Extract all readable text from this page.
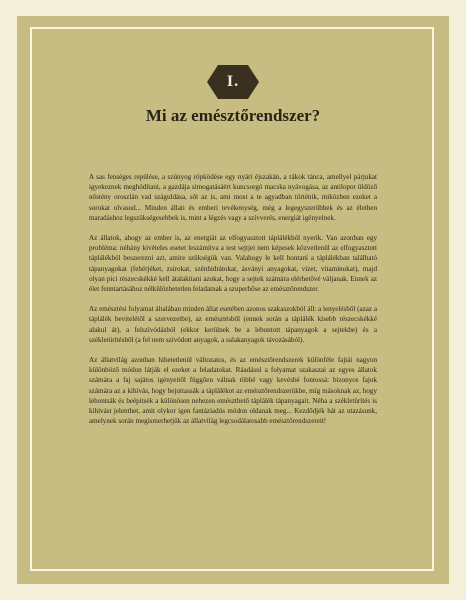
I.
Mi az emésztőrendszer?

A sas fenséges repülése, a szúnyog röpködése egy nyári éjszakán, a rákok tánca, amellyel párjukat igyekeznek meghódítani, a gazdája simogatásáért kuncsorgó macska nyávogása, az antilopot üldöző nőstény oroszlán vad száguldása, sőt az is, ami most a te agyadban történik, miközben ezeket a sorokat olvasod... Minden állati és emberi tevékenység, még a legegyszerűbbek és az életben maradáshoz legszükségesebbek is, mint a légzés vagy a szívverés, energiát igényelnek.

Az állatok, ahogy az ember is, az energiát az elfogyasztott táplálékból nyerik. Van azonban egy probléma: néhány kivételes esetet leszámítva a test sejtjei nem képesek közvetlenül az elfogyasztott táplálékból beszerezni azt, amire szükségük van. Valahogy le kell bontani a táplálékban található tápanyagokat (fehérjéket, zsírokat, szénhidrátokat, ásványi anyagokat, vizet, vitaminokat), majd olyan pici részecskékké kell átalakítani azokat, hogy a sejtek számára elérhetővé váljanak. Ennek az élet fenntartásához nélkülözhetetlen feladatnak a szuperhőse az emésztőrendszer.

Az emésztési folyamat általában minden állat esetében azonos szakaszokból áll: a lenyelésből (azaz a táplálék bevitelétől a szervezetbe), az emésztésből (ennek során a táplálék kisebb részecskékké alakul át), a felszívódásból (ekkor kerülnek be a lebontott tápanyagok a sejtekbe) és a székletürítésből (a fel nem szívódott anyagok, a salakanyagok távozásából).

Az állatvilág azonban hihetetlenül változatos, és az emésztőrendszerek különféle fajtái nagyon különböző módon látják el ezeket a feladatokat. Ráadásul a folyamat szakaszai az egyes állatok számára a faj sajátos igényeitől függően válnak többé vagy kevésbé fontossá: bizonyos fajok számára az a kihívás, hogy bejuttassák a táplálékot az emésztőrendszerükbe, míg másoknak az, hogy lebontsák és beépítsék a különösen nehezen emészthető táplálék tápanyagait. Néha a székletürítés is kihívást jelenthet, amit olykor igen fantáziadús módon oldanak meg... Kezdődjék hát az utazásunk, amelynek során megismerhetjük az állatvilág legcsodálatosabb emésztőrendszereit!
